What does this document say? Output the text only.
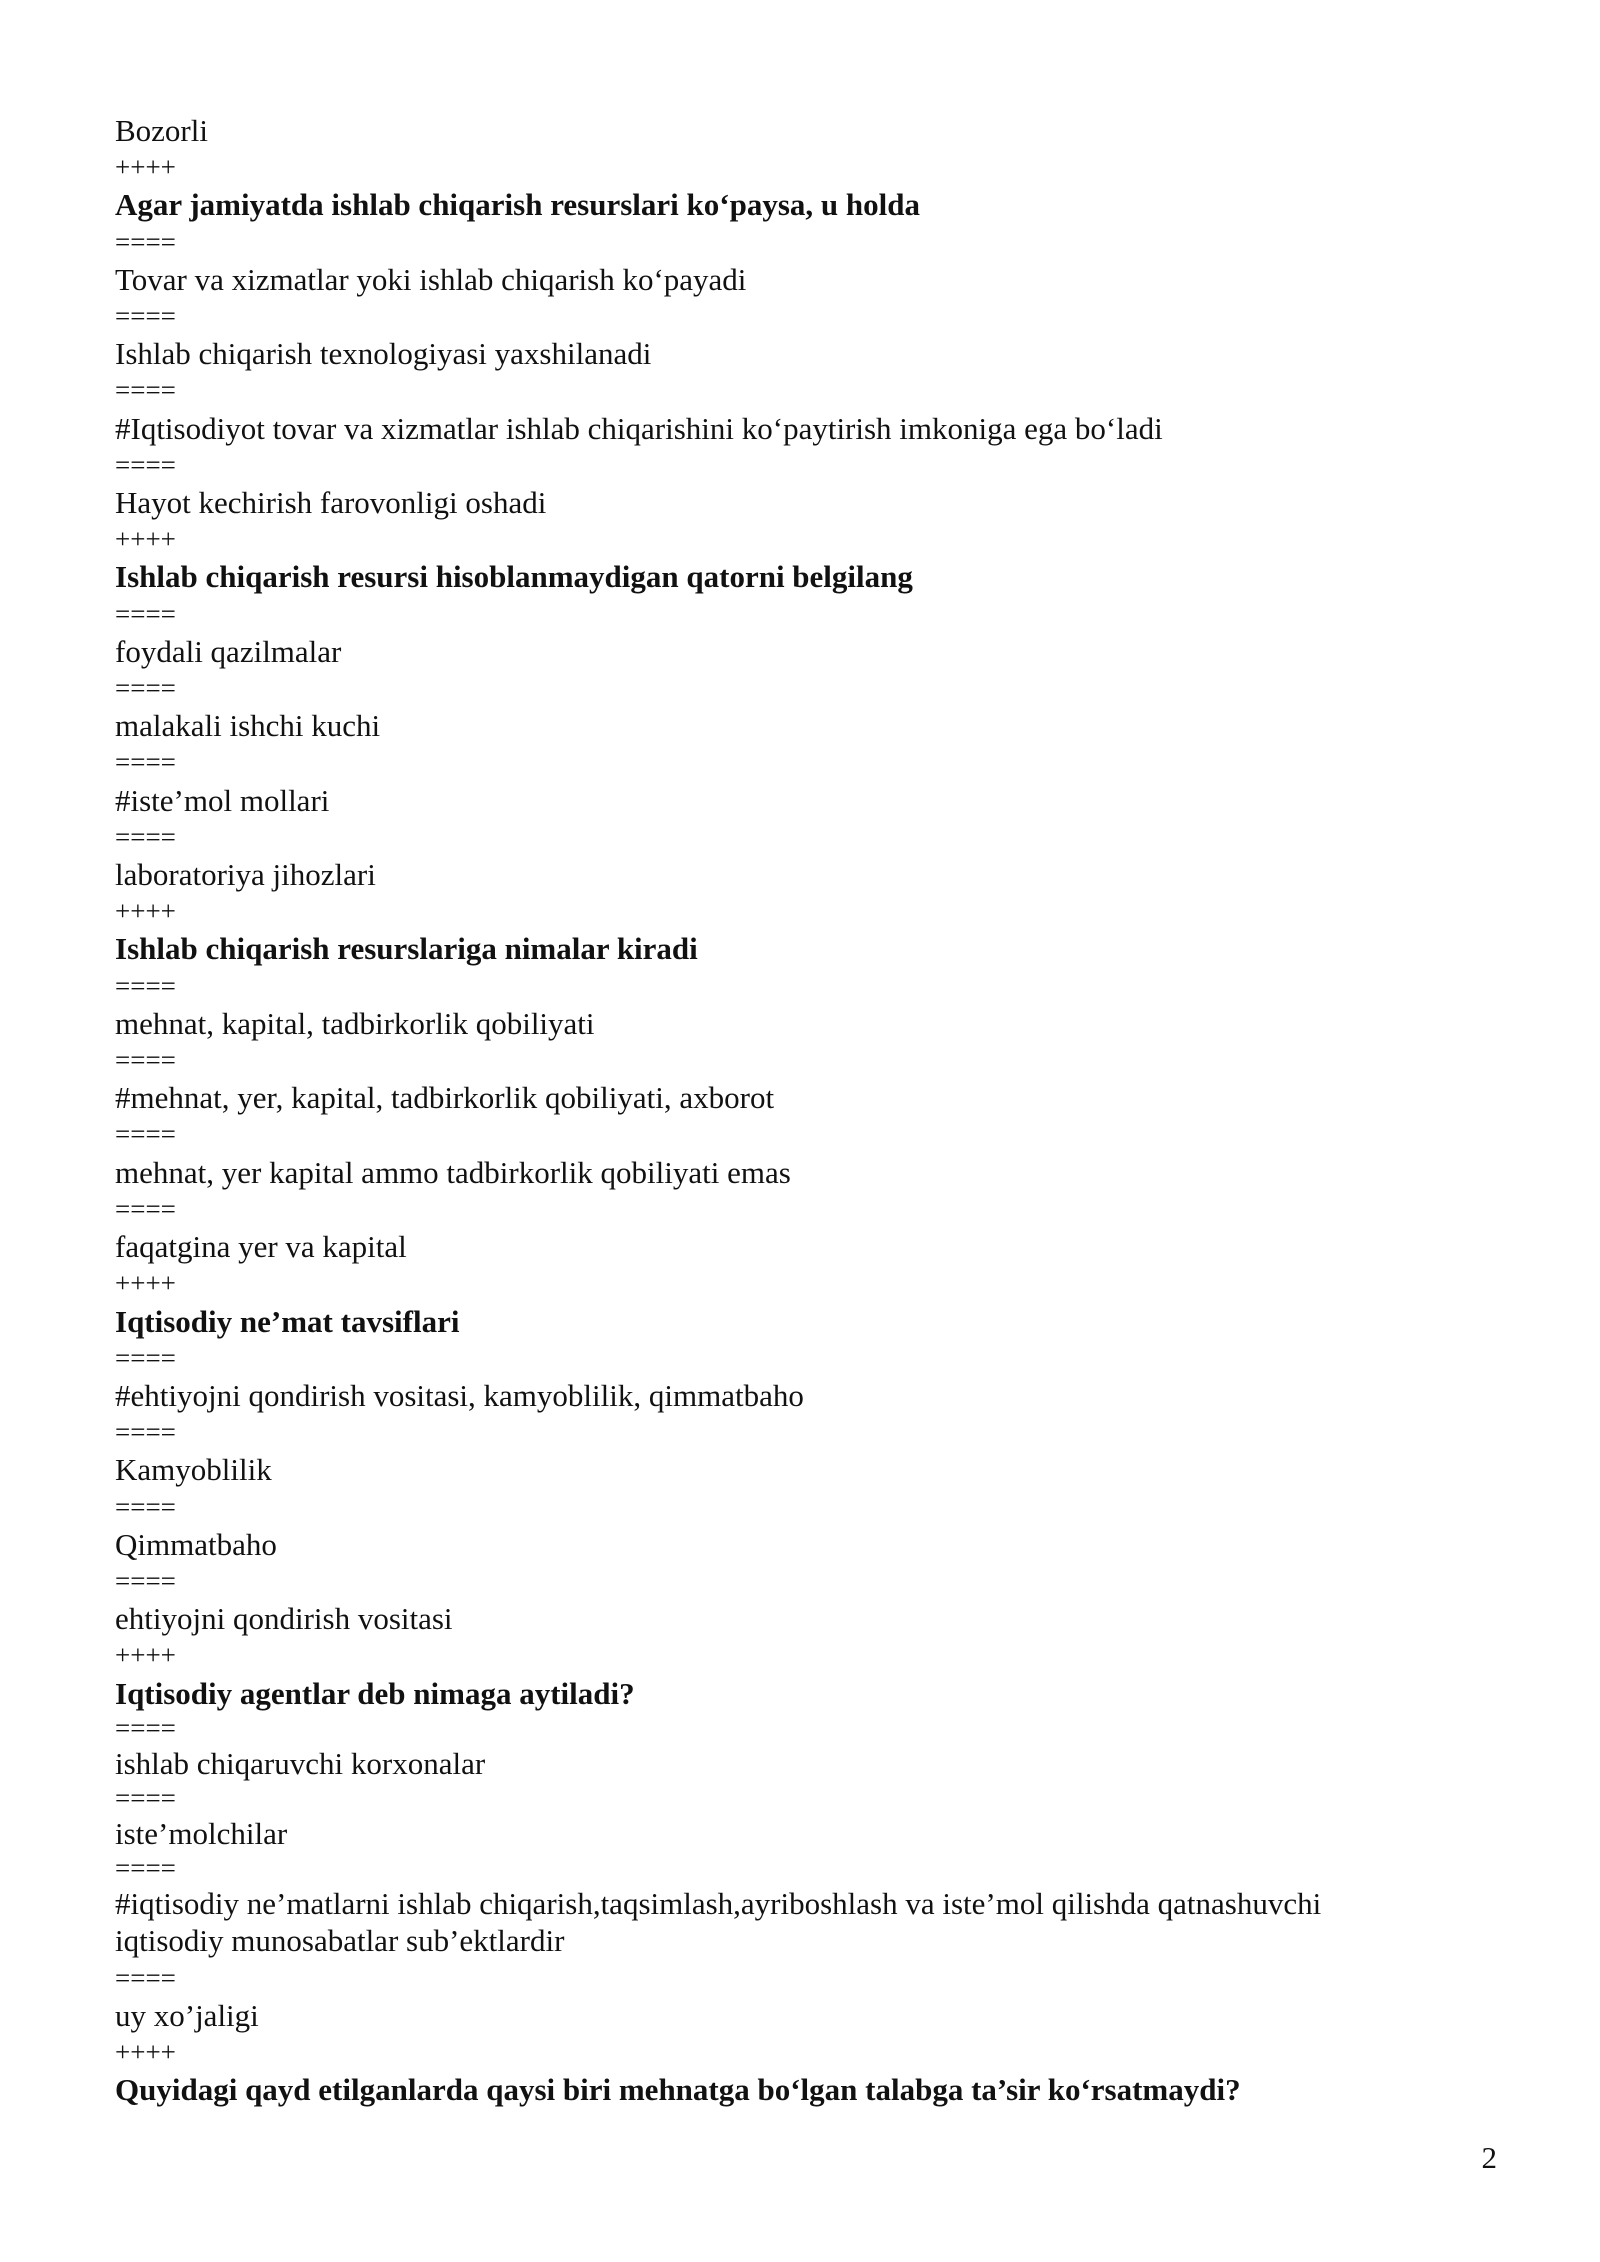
Bozorli
++++
Agar jamiyatda ishlab chiqarish resurslari ko‘paysa, u holda
====
Tovar va xizmatlar yoki ishlab chiqarish ko‘payadi
====
Ishlab chiqarish texnologiyasi yaxshilanadi
====
#Iqtisodiyot tovar va xizmatlar ishlab chiqarishini ko‘paytirish imkoniga ega bo‘ladi
====
Hayot kechirish farovonligi oshadi
++++
Ishlab chiqarish resursi hisoblanmaydigan qatorni belgilang
====
foydali qazilmalar
====
malakali ishchi kuchi
====
#iste’mol mollari
====
laboratoriya jihozlari
++++
Ishlab chiqarish resurslariga nimalar kiradi
====
mehnat, kapital, tadbirkorlik qobiliyati
====
#mehnat, yer, kapital, tadbirkorlik qobiliyati, axborot
====
mehnat, yer kapital ammo tadbirkorlik qobiliyati emas
====
faqatgina yer va kapital
++++
Iqtisodiy ne’mat tavsiflari
====
#ehtiyojni qondirish vositasi, kamyoblilik, qimmatbaho
====
Kamyoblilik
====
Qimmatbaho
====
ehtiyojni qondirish vositasi
++++
Iqtisodiy agentlar deb nimaga aytiladi?
====
ishlab chiqaruvchi korxonalar
====
iste’molchilar
====
#iqtisodiy ne’matlarni ishlab chiqarish,taqsimlash,ayriboshlash va iste’mol qilishda qatnashuvchi
iqtisodiy munosabatlar sub’ektlardir
====
uy xo’jaligi
++++
Quyidagi qayd etilganlarda qaysi biri mehnatga bo‘lgan talabga ta’sir ko‘rsatmaydi?
2
